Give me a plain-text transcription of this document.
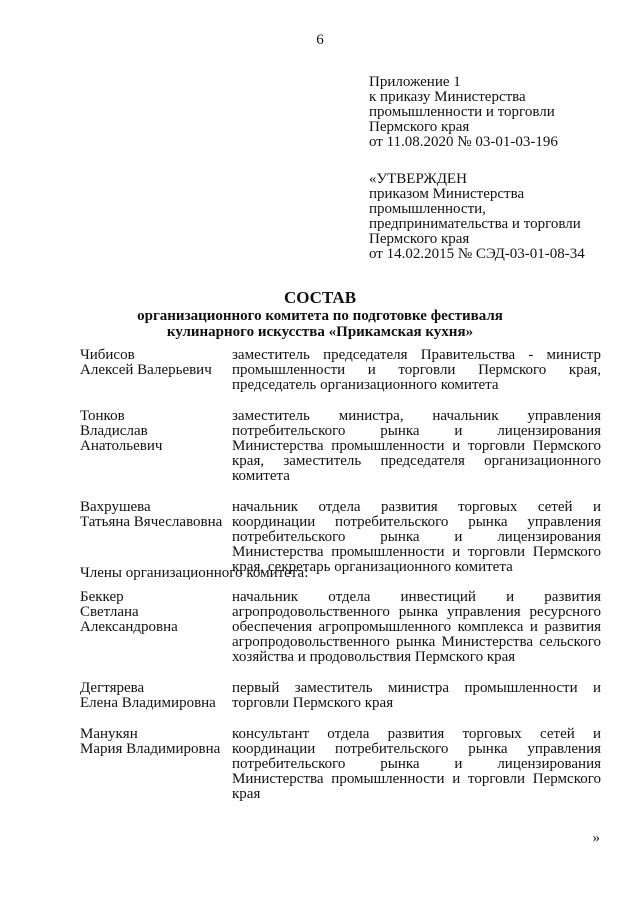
6
Приложение 1
к приказу Министерства
промышленности и торговли
Пермского края
от 11.08.2020 № 03-01-03-196
«УТВЕРЖДЕН
приказом Министерства
промышленности,
предпринимательства и торговли
Пермского края
от 14.02.2015 № СЭД-03-01-08-34
СОСТАВ
организационного комитета по подготовке фестиваля
кулинарного искусства «Прикамская кухня»
Чибисов
Алексей Валерьевич
заместитель председателя Правительства - министр промышленности и торговли Пермского края, председатель организационного комитета
Тонков
Владислав
Анатольевич
заместитель министра, начальник управления потребительского рынка и лицензирования Министерства промышленности и торговли Пермского края, заместитель председателя организационного комитета
Вахрушева
Татьяна Вячеславовна
начальник отдела развития торговых сетей и координации потребительского рынка управления потребительского рынка и лицензирования Министерства промышленности и торговли Пермского края, секретарь организационного комитета
Члены организационного комитета:
Беккер
Светлана
Александровна
начальник отдела инвестиций и развития агропродовольственного рынка управления ресурсного обеспечения агропромышленного комплекса и развития агропродовольственного рынка Министерства сельского хозяйства и продовольствия Пермского края
Дегтярева
Елена Владимировна
первый заместитель министра промышленности и торговли Пермского края
Манукян
Мария Владимировна
консультант отдела развития торговых сетей и координации потребительского рынка управления потребительского рынка и лицензирования Министерства промышленности и торговли Пермского края
»
